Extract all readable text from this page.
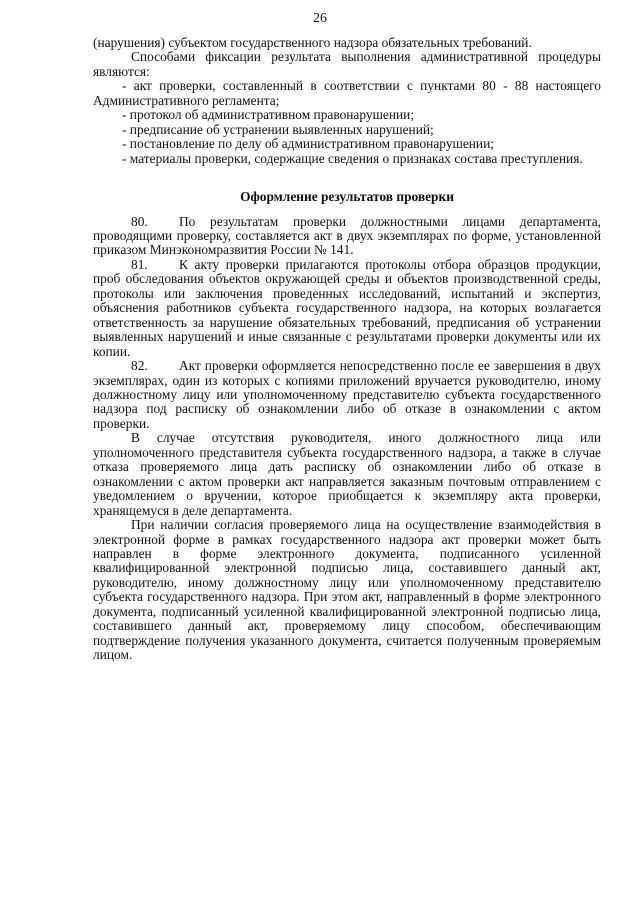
26

(нарушения) субъектом государственного надзора обязательных требований.

Способами фиксации результата выполнения административной процедуры являются:

- акт проверки, составленный в соответствии с пунктами 80 - 88 настоящего Административного регламента;

- протокол об административном правонарушении;

- предписание об устранении выявленных нарушений;

- постановление по делу об административном правонарушении;

- материалы проверки, содержащие сведения о признаках состава преступления.

Оформление результатов проверки

80. По результатам проверки должностными лицами департамента, проводящими проверку, составляется акт в двух экземплярах по форме, установленной приказом Минэкономразвития России № 141.

81. К акту проверки прилагаются протоколы отбора образцов продукции, проб обследования объектов окружающей среды и объектов производственной среды, протоколы или заключения проведенных исследований, испытаний и экспертиз, объяснения работников субъекта государственного надзора, на которых возлагается ответственность за нарушение обязательных требований, предписания об устранении выявленных нарушений и иные связанные с результатами проверки документы или их копии.

82. Акт проверки оформляется непосредственно после ее завершения в двух экземплярах, один из которых с копиями приложений вручается руководителю, иному должностному лицу или уполномоченному представителю субъекта государственного надзора под расписку об ознакомлении либо об отказе в ознакомлении с актом проверки.

В случае отсутствия руководителя, иного должностного лица или уполномоченного представителя субъекта государственного надзора, а также в случае отказа проверяемого лица дать расписку об ознакомлении либо об отказе в ознакомлении с актом проверки акт направляется заказным почтовым отправлением с уведомлением о вручении, которое приобщается к экземпляру акта проверки, хранящемуся в деле департамента.

При наличии согласия проверяемого лица на осуществление взаимодействия в электронной форме в рамках государственного надзора акт проверки может быть направлен в форме электронного документа, подписанного усиленной квалифицированной электронной подписью лица, составившего данный акт, руководителю, иному должностному лицу или уполномоченному представителю субъекта государственного надзора. При этом акт, направленный в форме электронного документа, подписанный усиленной квалифицированной электронной подписью лица, составившего данный акт, проверяемому лицу способом, обеспечивающим подтверждение получения указанного документа, считается полученным проверяемым лицом.
